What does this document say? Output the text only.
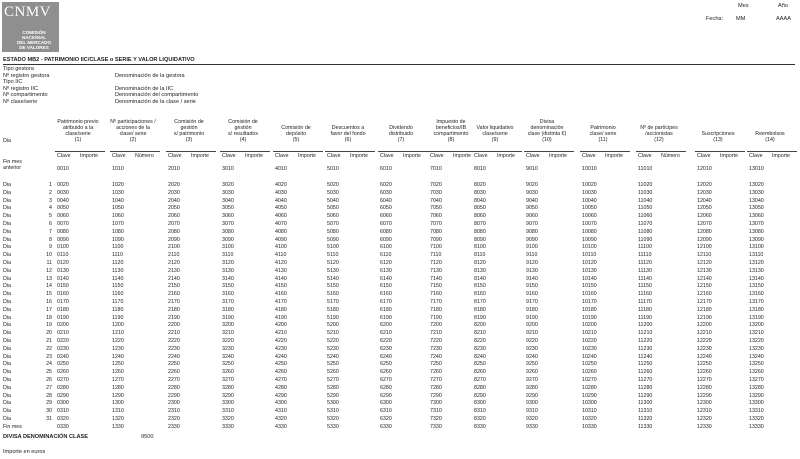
CNMV
COMISIÓN
NACIONAL
DEL MERCADO
DE VALORES
Mes	Año
Fecha: MM	AAAA
ESTADO MB2 - PATRIMONIO IIC/CLASE o SERIE Y VALOR LIQUIDATIVO
Tipo gestora
Nº registro gestora	Denominación de la gestora
Tipo IIC
Nº registro IIC	Denominación de la IIC
Nº compartimento	Denominación del compartimento
Nº clase/serie	Denominación de la clase / serie
Dia
Patrimonio previo
atribuido a la
clase/serie
(1)
Clave Importe
Nº participaciones /
acciones de la
clase/ serie
(2)
Clave Número
Comisión de
gestión
s/ patrimonio
(3)
Clave Importe
Comisión de
gestión
s/ resultados
(4)
Clave Importe
Comisión de
depósito
(5)
Clave Importe
Descuentos a
favor del fondo
(6)
Clave Importe
Dividendo
distribuido
(7)
Clave Importe
Impuesto de
beneficios/IB
compartimento
(8)
Clave Importe
Valor liquidativo
clase/serie
(9)
Clave Importe
Divisa
denominación
clase (distinta €)
(10)
Clave Importe
Patrimonio
clase/ serie
(11)
Clave Importe
Nº de partícipes
/accionistas
(12)
Clave Número
Suscripciones
(13)
Clave Importe
Reembolsos
(14)
Clave Importe
Fin mes anterior	0010	1010	2010	3010	4010	5010	6010	7010	8010	9010	10010	11010	12010	13010
Dia	1 0020	1020	2020	3020	4020	5020	6020	7020	8020	9020	10020	11020	12020	13020
Dia	2 0030	1030	2030	3030	4030	5030	6030	7030	8030	9030	10030	11030	12030	13030
Dia	3 0040	1040	2040	3040	4040	5040	6040	7040	8040	9040	10040	11040	12040	13040
Dia	4 0050	1050	2050	3050	4050	5050	6050	7050	8050	9050	10050	11050	12050	13050
Dia	5 0060	1060	2060	3060	4060	5060	6060	7060	8060	9060	10060	11060	12060	13060
Dia	6 0070	1070	2070	3070	4070	5070	6070	7070	8070	9070	10070	11070	12070	13070
Dia	7 0080	1080	2080	3080	4080	5080	6080	7080	8080	9080	10080	11080	12080	13080
Dia	8 0090	1090	2090	3090	4090	5090	6090	7090	8090	9090	10090	11090	12090	13090
Dia	9 0100	1100	2100	3100	4100	5100	6100	7100	8100	9100	10100	11100	12100	13100
Dia	10 0110	1110	2110	3110	4110	5110	6110	7110	8110	9110	10110	11110	12110	13110
Dia	11 0120	1120	2120	3120	4120	5120	6120	7120	8120	9120	10120	11120	12120	13120
Dia	12 0130	1130	2130	3130	4130	5130	6130	7130	8130	9130	10130	11130	12130	13130
Dia	13 0140	1140	2140	3140	4140	5140	6140	7140	8140	9140	10140	11140	12140	13140
Dia	14 0150	1150	2150	3150	4150	5150	6150	7150	8150	9150	10150	11150	12150	13150
Dia	15 0160	1160	2160	3160	4160	5160	6160	7160	8160	9160	10160	11160	12160	13160
Dia	16 0170	1170	2170	3170	4170	5170	6170	7170	8170	9170	10170	11170	12170	13170
Dia	17 0180	1180	2180	3180	4180	5180	6180	7180	8180	9180	10180	11180	12180	13180
Dia	18 0190	1190	2190	3190	4190	5190	6190	7190	8190	9190	10190	11190	12190	13190
Dia	19 0200	1200	2200	3200	4200	5200	6200	7200	8200	9200	10200	11200	12200	13200
Dia	20 0210	1210	2210	3210	4210	5210	6210	7210	8210	9210	10210	11210	12210	13210
Dia	21 0220	1220	2220	3220	4220	5220	6220	7220	8220	9220	10220	11220	12220	13220
Dia	22 0230	1230	2230	3230	4230	5230	6230	7230	8230	9230	10230	11230	12230	13230
Dia	23 0240	1240	2240	3240	4240	5240	6240	7240	8240	9240	10240	11240	12240	13240
Dia	24 0250	1250	2250	3250	4250	5250	6250	7250	8250	9250	10250	11250	12250	13250
Dia	25 0260	1260	2260	3260	4260	5260	6260	7260	8260	9260	10260	11260	12260	13260
Dia	26 0270	1270	2270	3270	4270	5270	6270	7270	8270	9270	10270	11270	12270	13270
Dia	27 0280	1280	2280	3280	4280	5280	6280	7280	8280	9280	10280	11280	12280	13280
Dia	28 0290	1290	2290	3290	4290	5290	6290	7290	8290	9290	10290	11290	12290	13290
Dia	29 0300	1300	2300	3300	4300	5300	6300	7300	8300	9300	10300	11300	12300	13300
Dia	30 0310	1310	2310	3310	4310	5310	6310	7310	8310	9310	10310	11310	12310	13310
Dia	31 0320	1320	2320	3320	4320	5320	6320	7320	8320	9320	10320	11320	12320	13320
Fin mes	0330	1330	2330	3330	4330	5330	6330	7330	8330	9330	10330	11330	12330	13330
DIVISA DENOMINACIÓN CLASE	9500
Importe en euros
